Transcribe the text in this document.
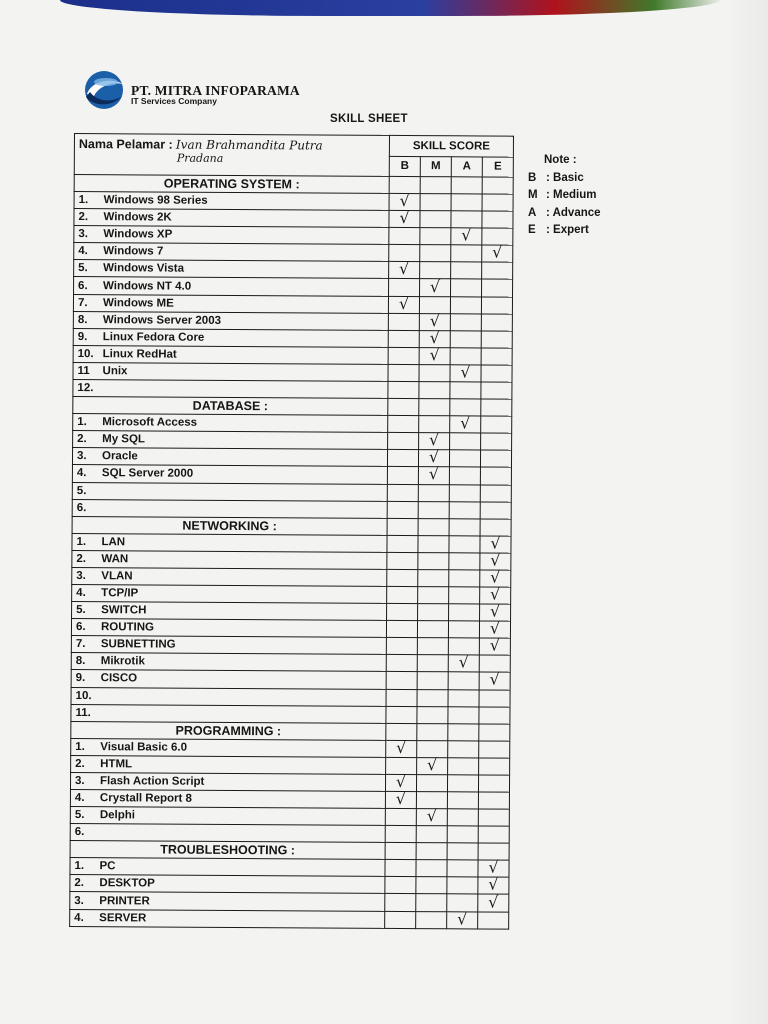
PT. MITRA INFOPARAMA
IT Services Company
SKILL SHEET
Note :
B : Basic
M : Medium
A : Advance
E : Expert
Nama Pelamar : Ivan Brahmandita Putra
Pradana	SKILL SCORE			
	B	M	A	E
OPERATING SYSTEM :				
1. Windows 98 Series	√			
2. Windows 2K	√			
3. Windows XP			√	
4. Windows 7				√
5. Windows Vista	√			
6. Windows NT 4.0		√		
7. Windows ME	√			
8. Windows Server 2003		√		
9. Linux Fedora Core		√		
10. Linux RedHat		√		
11 Unix			√	
12.				
DATABASE :				
1. Microsoft Access			√	
2. My SQL		√		
3. Oracle		√		
4. SQL Server 2000		√		
5.				
6.				
NETWORKING :				
1. LAN				√
2. WAN				√
3. VLAN				√
4. TCP/IP				√
5. SWITCH				√
6. ROUTING				√
7. SUBNETTING				√
8. Mikrotik			√	
9. CISCO				√
10.				
11.				
PROGRAMMING :				
1. Visual Basic 6.0	√			
2. HTML		√		
3. Flash Action Script	√			
4. Crystall Report 8	√			
5. Delphi		√		
6.				
TROUBLESHOOTING :				
1. PC				√
2. DESKTOP				√
3. PRINTER				√
4. SERVER			√	
